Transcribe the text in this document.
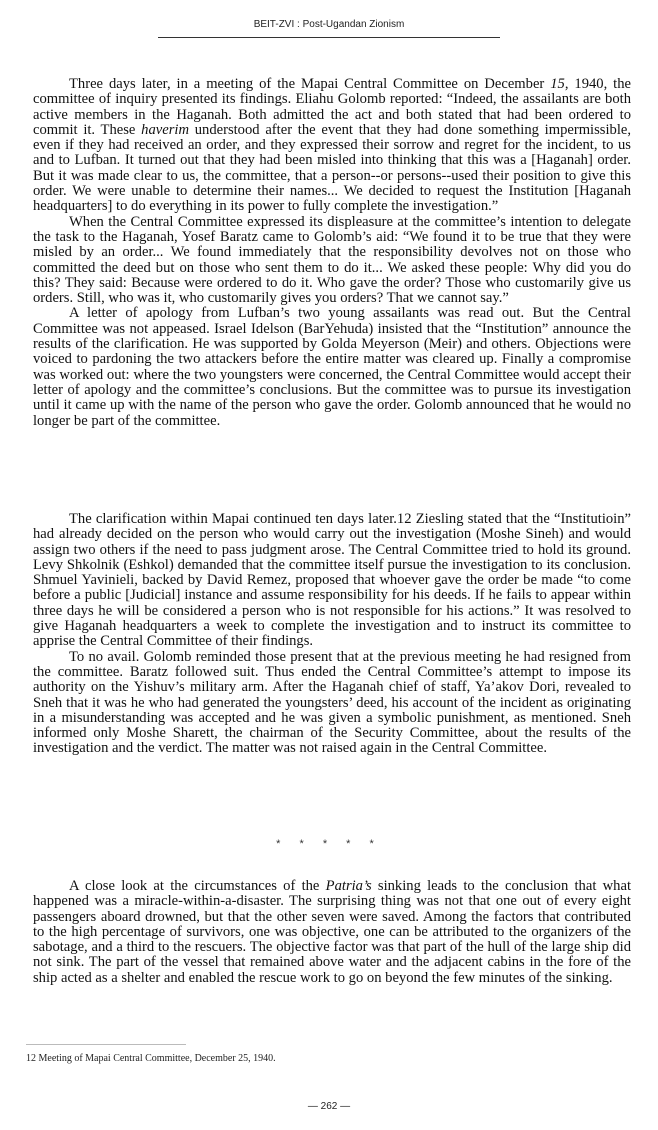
BEIT-ZVI : Post-Ugandan Zionism

Three days later, in a meeting of the Mapai Central Committee on December 15, 1940, the committee of inquiry presented its findings. Eliahu Golomb reported: “Indeed, the assailants are both active members in the Haganah. Both admitted the act and both stated that had been ordered to commit it. These haverim understood after the event that they had done something impermissible, even if they had received an order, and they expressed their sorrow and regret for the incident, to us and to Lufban. It turned out that they had been misled into thinking that this was a [Haganah] order. But it was made clear to us, the committee, that a person--or persons--used their position to give this order. We were unable to determine their names... We decided to request the Institution [Haganah headquarters] to do everything in its power to fully complete the investigation.”

When the Central Committee expressed its displeasure at the committee’s intention to delegate the task to the Haganah, Yosef Baratz came to Golomb’s aid: “We found it to be true that they were misled by an order... We found immediately that the responsibility devolves not on those who committed the deed but on those who sent them to do it... We asked these people: Why did you do this? They said: Because were ordered to do it. Who gave the order? Those who customarily give us orders. Still, who was it, who customarily gives you orders? That we cannot say.”

A letter of apology from Lufban’s two young assailants was read out. But the Central Committee was not appeased. Israel Idelson (BarYehuda) insisted that the “Institution” announce the results of the clarification. He was supported by Golda Meyerson (Meir) and others. Objections were voiced to pardoning the two attackers before the entire matter was cleared up. Finally a compromise was worked out: where the two youngsters were concerned, the Central Committee would accept their letter of apology and the committee’s conclusions. But the committee was to pursue its investigation until it came up with the name of the person who gave the order. Golomb announced that he would no longer be part of the committee.

The clarification within Mapai continued ten days later.12 Ziesling stated that the “Institutioin” had already decided on the person who would carry out the investigation (Moshe Sineh) and would assign two others if the need to pass judgment arose. The Central Committee tried to hold its ground. Levy Shkolnik (Eshkol) demanded that the committee itself pursue the investigation to its conclusion. Shmuel Yavinieli, backed by David Remez, proposed that whoever gave the order be made “to come before a public [Judicial] instance and assume responsibility for his deeds. If he fails to appear within three days he will be considered a person who is not responsible for his actions.” It was resolved to give Haganah headquarters a week to complete the investigation and to instruct its committee to apprise the Central Committee of their findings.

To no avail. Golomb reminded those present that at the previous meeting he had resigned from the committee. Baratz followed suit. Thus ended the Central Committee’s attempt to impose its authority on the Yishuv’s military arm. After the Haganah chief of staff, Ya’akov Dori, revealed to Sneh that it was he who had generated the youngsters’ deed, his account of the incident as originating in a misunderstanding was accepted and he was given a symbolic punishment, as mentioned. Sneh informed only Moshe Sharett, the chairman of the Security Committee, about the results of the investigation and the verdict. The matter was not raised again in the Central Committee.

* * * * *

A close look at the circumstances of the Patria’s sinking leads to the conclusion that what happened was a miracle-within-a-disaster. The surprising thing was not that one out of every eight passengers aboard drowned, but that the other seven were saved. Among the factors that contributed to the high percentage of survivors, one was objective, one can be attributed to the organizers of the sabotage, and a third to the rescuers. The objective factor was that part of the hull of the large ship did not sink. The part of the vessel that remained above water and the adjacent cabins in the fore of the ship acted as a shelter and enabled the rescue work to go on beyond the few minutes of the sinking.

12 Meeting of Mapai Central Committee, December 25, 1940.
— 262 —
